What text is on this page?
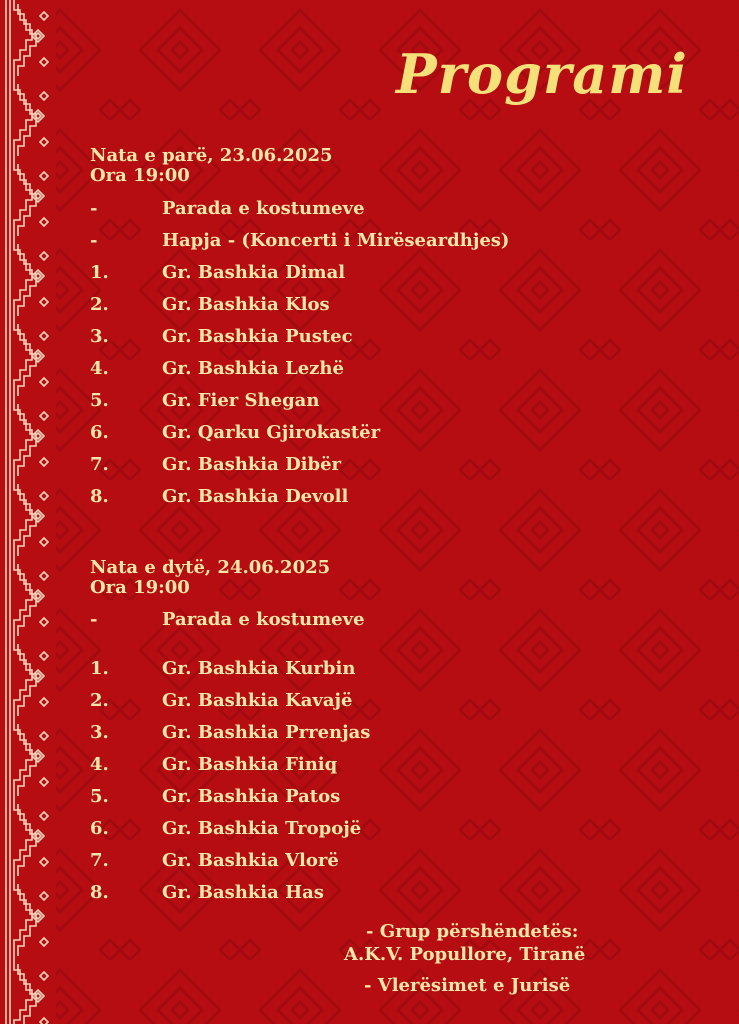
Programi
Nata e parë, 23.06.2025
Ora 19:00
-	Parada e kostumeve
-	Hapja - (Koncerti i Mirëseardhjes)
1.	Gr. Bashkia Dimal
2.	Gr. Bashkia Klos
3.	Gr. Bashkia Pustec
4.	Gr. Bashkia Lezhë
5.	Gr. Fier Shegan
6.	Gr. Qarku Gjirokastër
7.	Gr. Bashkia Dibër
8.	Gr. Bashkia Devoll
Nata e dytë, 24.06.2025
Ora 19:00
-	Parada e kostumeve
1.	Gr. Bashkia Kurbin
2.	Gr. Bashkia Kavajë
3.	Gr. Bashkia Prrenjas
4.	Gr. Bashkia Finiq
5.	Gr. Bashkia Patos
6.	Gr. Bashkia Tropojë
7.	Gr. Bashkia Vlorë
8.	Gr. Bashkia Has
- Grup përshëndetës:
A.K.V. Popullore, Tiranë
- Vlerësimet e Jurisë
